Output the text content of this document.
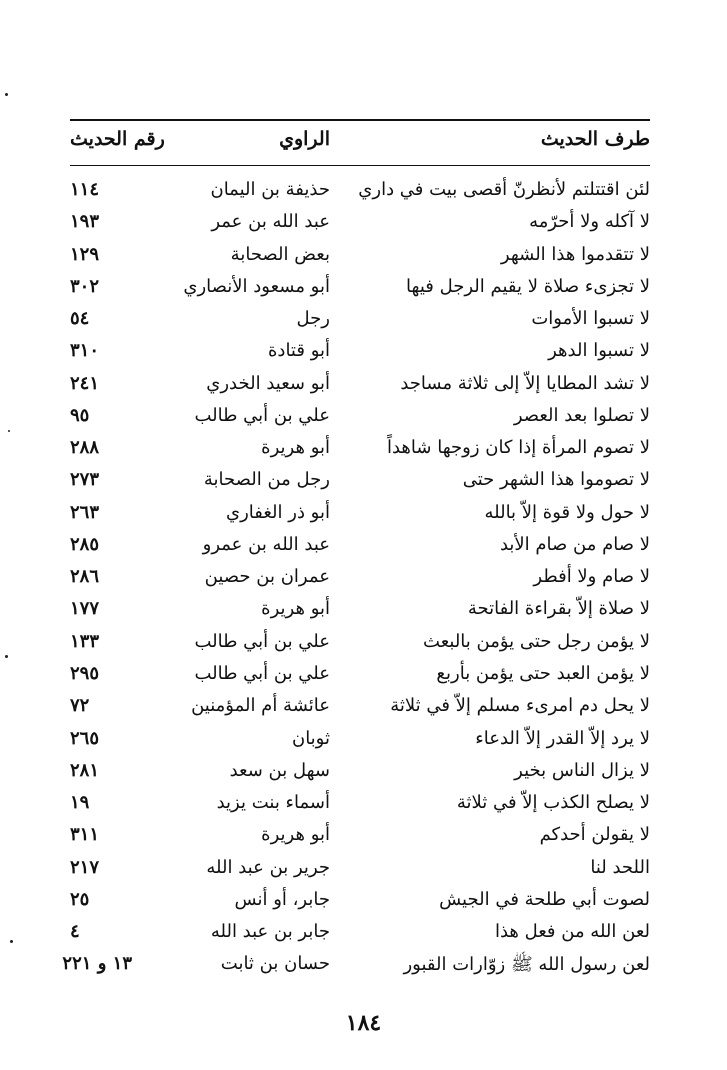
طرف الحديث
الراوي
رقم الحديث
لئن اقتتلتم لأنظرنّ أقصى بيت في داري
حذيفة بن اليمان
١١٤
لا آكله ولا أحرّمه
عبد الله بن عمر
١٩٣
لا تتقدموا هذا الشهر
بعض الصحابة
١٢٩
لا تجزىء صلاة لا يقيم الرجل فيها
أبو مسعود الأنصاري
٣٠٢
لا تسبوا الأموات
رجل
٥٤
لا تسبوا الدهر
أبو قتادة
٣١٠
لا تشد المطايا إلاّ إلى ثلاثة مساجد
أبو سعيد الخدري
٢٤١
لا تصلوا بعد العصر
علي بن أبي طالب
٩٥
لا تصوم المرأة إذا كان زوجها شاهداً
أبو هريرة
٢٨٨
لا تصوموا هذا الشهر حتى
رجل من الصحابة
٢٧٣
لا حول ولا قوة إلاّ بالله
أبو ذر الغفاري
٢٦٣
لا صام من صام الأبد
عبد الله بن عمرو
٢٨٥
لا صام ولا أفطر
عمران بن حصين
٢٨٦
لا صلاة إلاّ بقراءة الفاتحة
أبو هريرة
١٧٧
لا يؤمن رجل حتى يؤمن بالبعث
علي بن أبي طالب
١٣٣
لا يؤمن العبد حتى يؤمن بأربع
علي بن أبي طالب
٢٩٥
لا يحل دم امرىء مسلم إلاّ في ثلاثة
عائشة أم المؤمنين
٧٢
لا يرد إلاّ القدر إلاّ الدعاء
ثوبان
٢٦٥
لا يزال الناس بخير
سهل بن سعد
٢٨١
لا يصلح الكذب إلاّ في ثلاثة
أسماء بنت يزيد
١٩
لا يقولن أحدكم
أبو هريرة
٣١١
اللحد لنا
جرير بن عبد الله
٢١٧
لصوت أبي طلحة في الجيش
جابر، أو أنس
٢٥
لعن الله من فعل هذا
جابر بن عبد الله
٤
لعن رسول الله ﷺ زوّارات القبور
حسان بن ثابت
١٣ و ٢٢١
١٨٤
